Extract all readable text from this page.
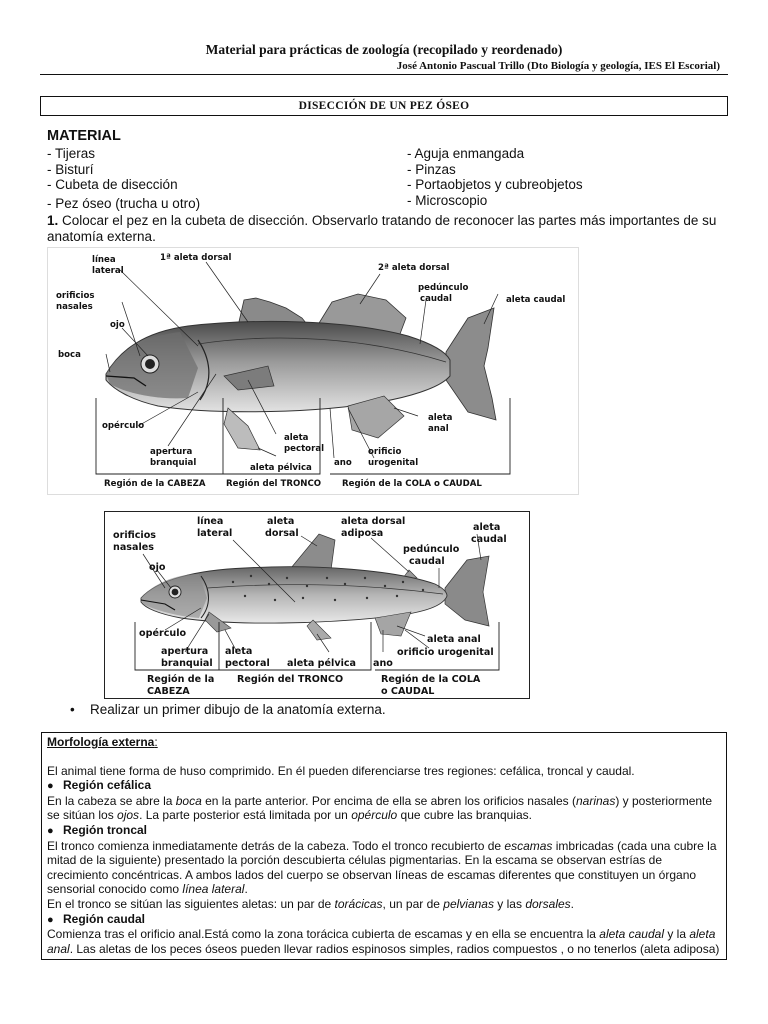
Material para prácticas de zoología (recopilado y reordenado)
José Antonio Pascual Trillo (Dto Biología y geología, IES El Escorial)
DISECCIÓN DE UN PEZ ÓSEO
MATERIAL
- Tijeras
- Bisturí
- Cubeta de disección
- Pez óseo (trucha u otro)
- Aguja enmangada
- Pinzas
- Portaobjetos y cubreobjetos
- Microscopio
1. Colocar el pez en la cubeta de disección. Observarlo tratando de reconocer las partes más importantes de su anatomía externa.
línea
lateral
1ª aleta dorsal
2ª aleta dorsal
orificios
nasales
pedúnculo
caudal	aleta caudal
ojo
boca
opérculo
apertura
branquial
aleta
pectoral
aleta
anal
orificio
urogenital
ano
aleta pélvica
Región de la CABEZA Región del TRONCO Región de la COLA o CAUDAL
orificios
nasales
línea
lateral
aleta
dorsal
aleta dorsal
adiposa
aleta
caudal
pedúnculo
caudal
ojo
opérculo
apertura
branquial
aleta
pectoral aleta pélvica
aleta anal
orificio urogenital
ano
Región de la
CABEZA
Región del TRONCO	Región de la COLA
o CAUDAL
• Realizar un primer dibujo de la anatomía externa.

Morfología externa:

El animal tiene forma de huso comprimido. En él pueden diferenciarse tres regiones: cefálica, troncal y caudal.

● Región cefálica

En la cabeza se abre la boca en la parte anterior. Por encima de ella se abren los orificios nasales (narinas) y posteriormente se sitúan los ojos. La parte posterior está limitada por un opérculo que cubre las branquias.

● Región troncal

El tronco comienza inmediatamente detrás de la cabeza. Todo el tronco recubierto de escamas imbricadas (cada una cubre la mitad de la siguiente) presentado la porción descubierta células pigmentarias. En la escama se observan estrías de crecimiento concéntricas. A ambos lados del cuerpo se observan líneas de escamas diferentes que constituyen un órgano sensorial conocido como línea lateral.

En el tronco se sitúan las siguientes aletas: un par de torácicas, un par de pelvianas y las dorsales.

● Región caudal

Comienza tras el orificio anal.Está como la zona torácica cubierta de escamas y en ella se encuentra la aleta caudal y la aleta anal. Las aletas de los peces óseos pueden llevar radios espinosos simples, radios compuestos , o no tenerlos (aleta adiposa)
